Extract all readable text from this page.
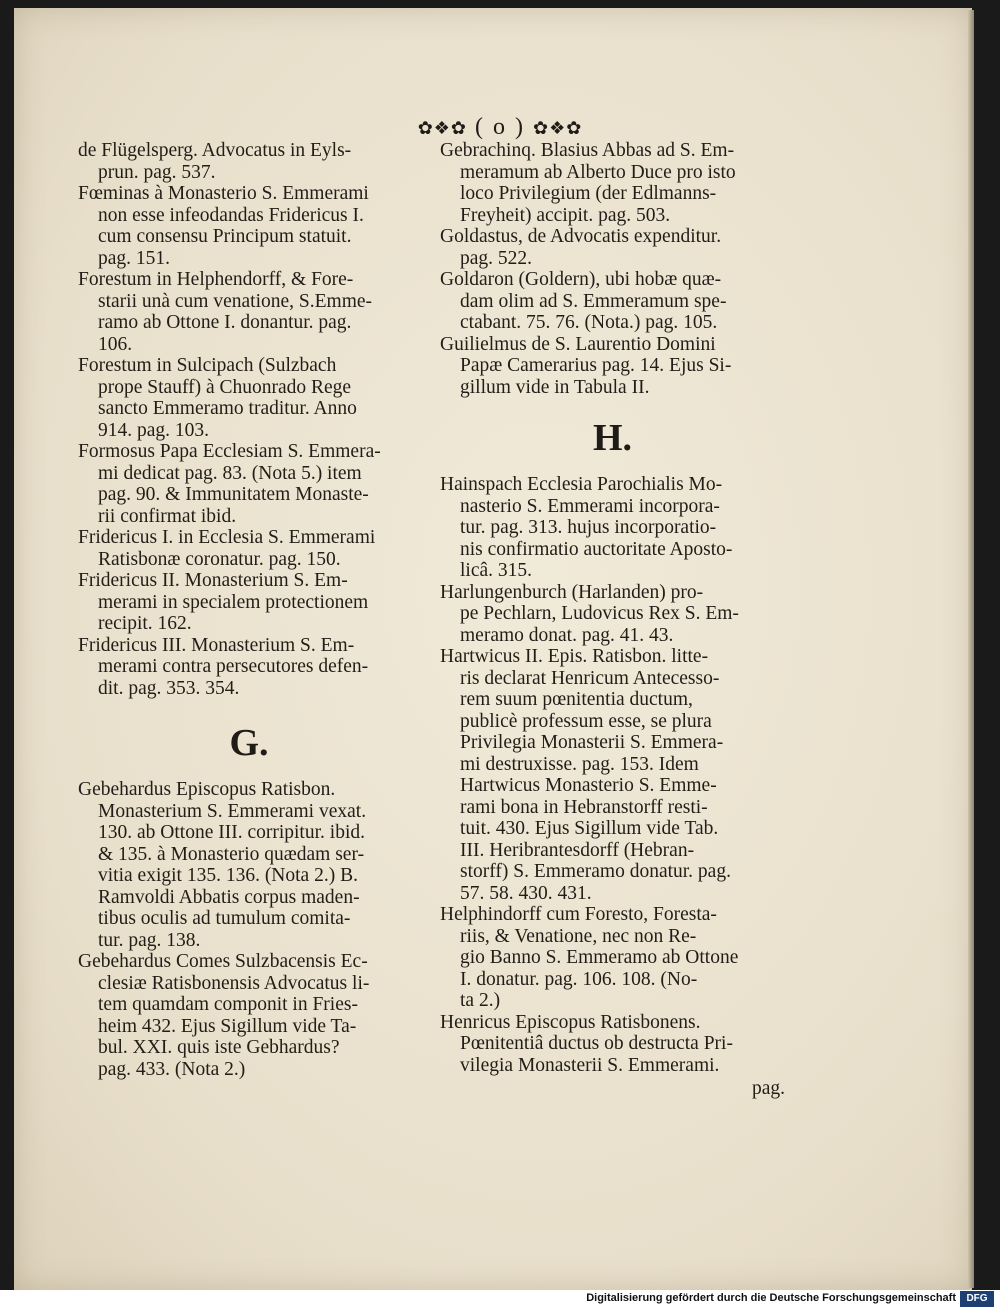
✿❖✿ ( o ) ✿❖✿

de Flügelsperg. Advocatus in Eyls-
prun. pag. 537.

Fœminas à Monasterio S. Emmerami
non esse infeodandas Fridericus I.
cum consensu Principum statuit.
pag. 151.

Forestum in Helphendorff, & Fore-
starii unà cum venatione, S.Emme-
ramo ab Ottone I. donantur. pag.
106.

Forestum in Sulcipach (Sulzbach
prope Stauff) à Chuonrado Rege
sancto Emmeramo traditur. Anno
914. pag. 103.

Formosus Papa Ecclesiam S. Emmera-
mi dedicat pag. 83. (Nota 5.) item
pag. 90. & Immunitatem Monaste-
rii confirmat ibid.

Fridericus I. in Ecclesia S. Emmerami
Ratisbonæ coronatur. pag. 150.

Fridericus II. Monasterium S. Em-
merami in specialem protectionem
recipit. 162.

Fridericus III. Monasterium S. Em-
merami contra persecutores defen-
dit. pag. 353. 354.

G.

Gebehardus Episcopus Ratisbon.
Monasterium S. Emmerami vexat.
130. ab Ottone III. corripitur. ibid.
& 135. à Monasterio quædam ser-
vitia exigit 135. 136. (Nota 2.) B.
Ramvoldi Abbatis corpus maden-
tibus oculis ad tumulum comita-
tur. pag. 138.

Gebehardus Comes Sulzbacensis Ec-
clesiæ Ratisbonensis Advocatus li-
tem quamdam componit in Fries-
heim 432. Ejus Sigillum vide Ta-
bul. XXI. quis iste Gebhardus?
pag. 433. (Nota 2.)

Gebrachinq. Blasius Abbas ad S. Em-
meramum ab Alberto Duce pro isto
loco Privilegium (der Edlmanns-
Freyheit) accipit. pag. 503.

Goldastus, de Advocatis expenditur.
pag. 522.

Goldaron (Goldern), ubi hobæ quæ-
dam olim ad S. Emmeramum spe-
ctabant. 75. 76. (Nota.) pag. 105.

Guilielmus de S. Laurentio Domini
Papæ Camerarius pag. 14. Ejus Si-
gillum vide in Tabula II.

H.

Hainspach Ecclesia Parochialis Mo-
nasterio S. Emmerami incorpora-
tur. pag. 313. hujus incorporatio-
nis confirmatio auctoritate Aposto-
licâ. 315.

Harlungenburch (Harlanden) pro-
pe Pechlarn, Ludovicus Rex S. Em-
meramo donat. pag. 41. 43.

Hartwicus II. Epis. Ratisbon. litte-
ris declarat Henricum Antecesso-
rem suum pœnitentia ductum,
publicè professum esse, se plura
Privilegia Monasterii S. Emmera-
mi destruxisse. pag. 153. Idem
Hartwicus Monasterio S. Emme-
rami bona in Hebranstorff resti-
tuit. 430. Ejus Sigillum vide Tab.
III. Heribrantesdorff (Hebran-
storff) S. Emmeramo donatur. pag.
57. 58. 430. 431.

Helphindorff cum Foresto, Foresta-
riis, & Venatione, nec non Re-
gio Banno S. Emmeramo ab Ottone
I. donatur. pag. 106. 108. (No-
ta 2.)

Henricus Episcopus Ratisbonens.
Pœnitentiâ ductus ob destructa Pri-
vilegia Monasterii S. Emmerami.

pag.
Digitalisierung gefördert durch die Deutsche Forschungsgemeinschaft	DFG
